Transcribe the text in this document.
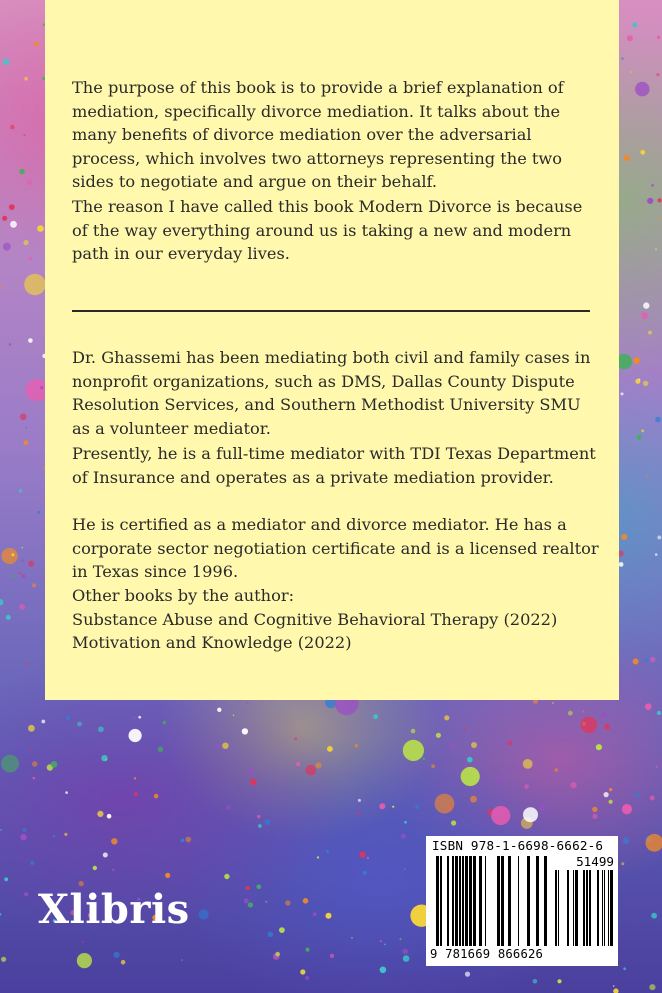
The purpose of this book is to provide a brief explanation of mediation, specifically divorce mediation. It talks about the many benefits of divorce mediation over the adversarial process, which involves two attorneys representing the two sides to negotiate and argue on their behalf.

The reason I have called this book Modern Divorce is because of the way everything around us is taking a new and modern path in our everyday lives.

Dr. Ghassemi has been mediating both civil and family cases in nonprofit organizations, such as DMS, Dallas County Dispute Resolution Services, and Southern Methodist University SMU as a volunteer mediator.

Presently, he is a full-time mediator with TDI Texas Department of Insurance and operates as a private mediation provider.

He is certified as a mediator and divorce mediator. He has a corporate sector negotiation certificate and is a licensed realtor in Texas since 1996.

Other books by the author:
Substance Abuse and Cognitive Behavioral Therapy (2022)
Motivation and Knowledge (2022)
Xlibris
ISBN 978-1-6698-6662-6
51499
9 781669 866626
